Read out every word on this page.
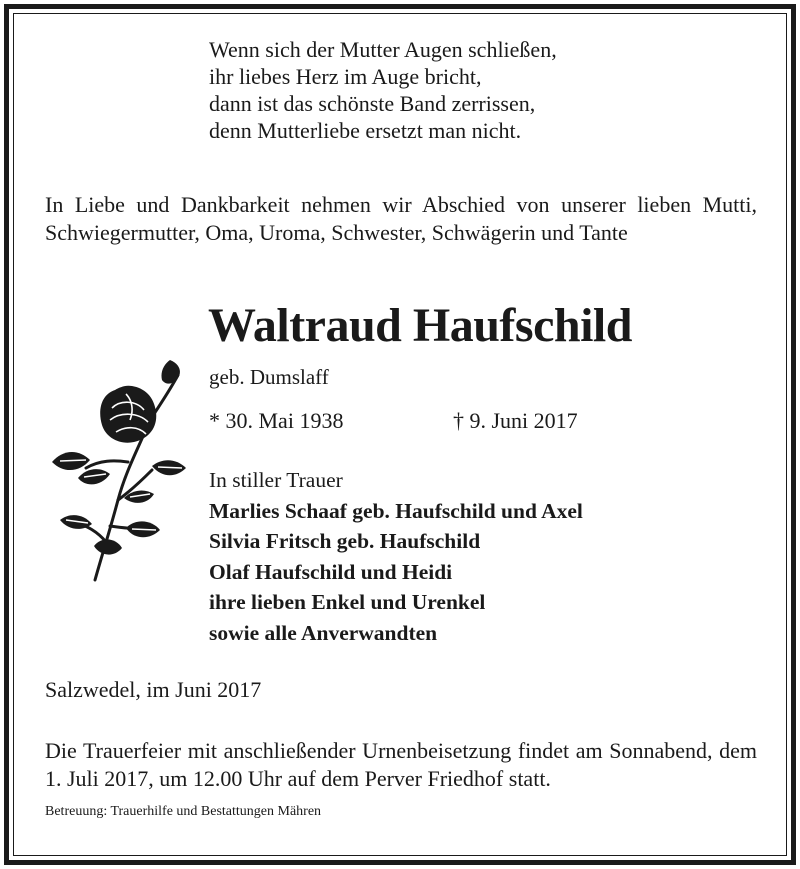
Wenn sich der Mutter Augen schließen,
ihr liebes Herz im Auge bricht,
dann ist das schönste Band zerrissen,
denn Mutterliebe ersetzt man nicht.
In Liebe und Dankbarkeit nehmen wir Abschied von unserer lieben Mutti, Schwiegermutter, Oma, Uroma, Schwester, Schwägerin und Tante
Waltraud Haufschild
geb. Dumslaff
* 30. Mai 1938	† 9. Juni 2017
In stiller Trauer
Marlies Schaaf geb. Haufschild und Axel
Silvia Fritsch geb. Haufschild
Olaf Haufschild und Heidi
ihre lieben Enkel und Urenkel
sowie alle Anverwandten
Salzwedel, im Juni 2017
Die Trauerfeier mit anschließender Urnenbeisetzung findet am Sonnabend, dem 1. Juli 2017, um 12.00 Uhr auf dem Perver Friedhof statt.
Betreuung: Trauerhilfe und Bestattungen Mähren
